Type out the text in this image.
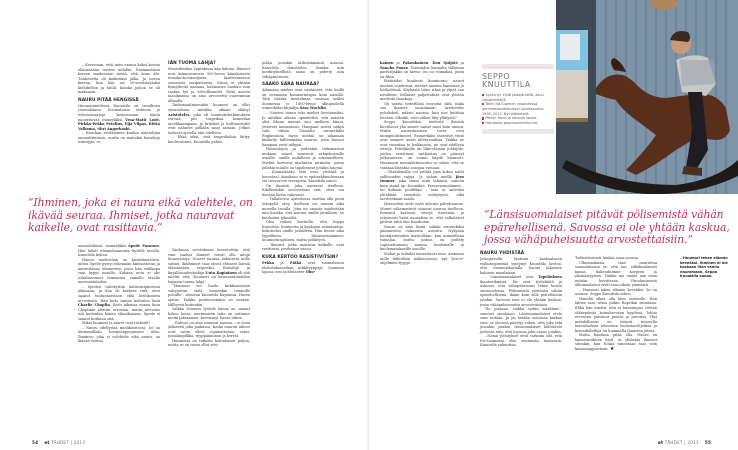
– Kerrotaan, että mies nauroi kaksi kertaa elämässään toisten nähden. Ensimmäisen kerran saadessaan tietää, että Aune Ala-Tuuhenelta oli katkennut jalka. Ja toisen kerran, kun hän sai 50-vuotislahjaksi kultakellon ja kuuli, kuinka paljon se oli maksanut.

NAURU PITÄÄ HENGISSÄ

Huumorimielessä Knuuttila on tavallinen suomalainen. Suomalaisia elokuvia ja televisiosarjoja katsoessaan häntä naurattavat esimerkiksi Vesa-Matti Loiri, Pirkka-Pekka Petelius, Eija Vilpas, Riitta Valkama, Siiri Angerkoski.

– Hauskan esittäminen kuuluu näyttelijän ammattitaitoon, mutta on muitakin hauskoja esiintyjiä, ei-

”Ihminen, joka ei naura eikä valehtele, on ikävää seuraa. Ihmiset, jotka nauravat kaikelle, ovat rasittavia.”

ammattilaisia, esimerkiksi Spede Pasanen. Hän latisti tilannehuumorin hyvällä tavalla, Knuuttila kehuu.

Hänen mielestään on käsittämätöntä, miten Spede pystyi tekemään kiinnostavan ja naurettavan tilanteesta, jossa hän valkkapa vain hyppi narulla. Kukaan muu ei olir uskaltautunut leimautua samalla tavalla naurunalaiseksi.

– Spedeä vähekyttiin kulttuuripiireissä aikanaan, ja hän oli katkera siitä, ettei saanut tuotannoistaan eikä kriitikoiden arvostusta. Hän koki saman kohtalon kuin Charlie Chaplin. Kesti aikansa ennen kuin Chaplinia alettiin arvostaa, mutta arvostus tuli kuitenkin hänen elinaikanaan. Spede ei saanut koskaan sitä.

Miksi huumori ja nauru ovat tärkeitä?

– Nauru edellyttää mielikuvitusta. Se on äärimmillään hengissäpysymisen ehto. Ihminen, joka ei valehtele eikä naura, on ikävää seuraa.

IÄN TUOMA LAHJA?

Museokeskus Vapriikissa käy kuhina. Ihmiset ovat kiinnostuneita 500-luvun kiinalaisesta terrakotta-armeijasta, lasivitriineissä seisovista savipatsaista. Niissä ei yhtään hymyilevää naamaa, hahmoista huokuu vain raskas työ ja velvollisuudet. Niitä asioita maailmassa on aina arvostettu suuremmin ulhaalla.

Taidemaailmassakin huumori on ollut sivuroolissa. Antiikin aikaan eläinyt Aristoteles, joka oli huumoriitutkimuksen esi-isiä, piti tragediaa komediaa arvokkaampana, ja kriitikot ja kulttuurivälit ovat nähneet pitkään asiat samoin. Jotkut tattavat ajatella niin edelleen.

– Ehkä siksi, että tragedioihin liittyy kuolevaisuus, Knuuttila pohtii.

Vanhassa estetiikassa korostettiin, että vain vanhat ihmiset voivat olla aitoja humoristeja. Nuoret nauraa hekotavat mille sattuu, ikäihmiset taas olivat ehtineet kärsiä elämässään tarpeeksi. Runoilija ja kirjallisuudentutkija Unto Kupiainen oli sitä mieltä, että ”huumori on harmaantuneiden hapsien tuoma lahja”.

”Huumori voi luoda kirkkaastavan valojuovan vielä tuonenkin tummille poluille”, siteeraa Knuuttila Kupiaista. Hassu ajatus. Paikko professorinkin on nauraa. Hilliyesti kuitenkin.

Vaikka Suomen työtelä kansa on saanut kokea kovia, nauramisen taito on auttanut meitä jaksamaan, kevensäyt kovaa arkea.

– Rahvas on aina osannut nauraa – ei tosin julkisesti joka paikassa, koska naurun aiheet ovat usein olleet sopimattomia: seksi, jumalanpilkka, ryyppääminen ja herrat.

Huumoria on tutkittu kohtalaisen paljon, mutta se on usein ollut sivu-

polku jossakin tärkeämmässä asiassa. Knuuttila ihmettelee, kuinka niin merkityksellistä asiaa on pidetty niin vähäpätöisenä.

SAAKO SARA NAURAA?

Aikanaan miehet ovat väittäneet, että heillä on enemmän huumorintajua kuin naisilla. Tätä väärää kuvitelmaa vastaan ärähti Suomessa jo 1800-luvun alkupuolella esimerkiksi kirjailija Sara Wacklin.

– Naisten nauru teki miehet levottomiksi. Jo antiikin aikana opastettiin, että naisten olisi fiksua nauraa suu melkein kiinni, jotteivät namentaisi. Hampaat saivat näkyä vain vähän. Toisaalta esimerkiksi Englannissa myös miehiä on aikanaan käsketty hillitsemään naurua, jotta huonot hampaat eivät näkyisi.

Havaintojen ja joidenkin tutkimusten mukaan naiset nauravat arkipäiväisille asioille, omille mokilleen ja sekemisilleen. Miehet kertovat mieluiten tarinoita, joissa jollekin muulle on tapahtunut jotakin hassua.

– Kannattaako tätä eroa yleistää ja korostaa? Ainakaan se ei epätarkkuudessaan vie tasa-arvoa eteenpäin, Knuuttila sanoo.

On ihmisiä, joka nauravat itselleen. Edellisenkin arvostetaan sitä, ettei ota itseään kovin vakavasti.

– Tällaisessa ajattelussa saattaa olla pieni tekopyhä sävy. Itselleen voi nauraa aika monella tavalla. Joku on omasta mielestään niin hauska, että nauraa omille jutuilleen. Se kuulostaa tyhmältä.

Olisi vaikea kuvitella, että Seppo Knuuttila, huumorin ja kaskujen asiantuntija, hekottelisi omille jutuilleen. Hän lienee aika tyypillinen länsisuomalainen: huumorintajuinen, mutta pidättyvä.

– Ihmiset, jotka nauravat kaikelle, ovat rasittavia, professori sanoo.

KUKA KERTOO RASISTIVITSIN?

Pekka ja Pätkä ovat suomalaisen elokuvakomedian arkkityyppejä. Samassa lajissa ovat kohtelaneet Ohu-

54 et TÄHDET | 2013

kainen ja Pakoukainen. Don Quijote ja Sancho Panza. Tarinoiden kannalta tällainen parivaljakko on hieno: iso on voimakas, pieni on fiksu.

Ristiriidat kuuluvat huumoriin: naiset miehen vaatteissa, miehet naisten hameissa ja hörhelöissä. Köyhästä tulee rikas ja ylpeä saa nenilleen. Sellaiset paljastukset ovat yleisön mielestä hauskoja.

On useita tieteellisiä teorioita siitä, mikä saa ihmiset nauramaan. Aristoteles pohdiskeli, miksei nauraa, kun itse kutittaa itseään. Siksikö, ettei siihen liity yllätystä?

Seppo Knuuttilan mielestä ihmisiä huvittavat yhä monet samat asiat kuin ennen. Mutta naurattamisen tavat ovat monipuolistuneet. Esimerkiksi rasistiset vitsit ovat saaneet uusia ulottuvuuksia. Vaikka ne ovat rasistisia ja loukkaavia, ne ovat edelleen vitsejä. Poliitikoille tai liike-elämän johtajille, joiden rasistinen suitkautus on päässyt julkisuuteen, on voinut käydä huonosti. Huumorin moniulotteisuutta on sekin, että se voidaan kääntää sanojaa vastaan.

– Vitsailemalla voi yrittää jopa kokoa näitä sallivuuden rajoja. Ja onhan meillä Jörn Donner, joka sanoo mitä tahansa, samoin kuin stand up -koomikot. Peruseuomalainen – tai kukaan poliitikko – taas ei anteeksi yhtäkään rasistista möläytystä, eikä tarvitsekaan saada.

Homovitsit eivät enää aiheuta paheksuntaa. Monet vähemmistöt osaavat nauraa itselleen. Romanit kertovat vitsejä itsestään, ja erityisesti heitä naurattaa se, että valkolaiset pitävät niitä niin hauskoina.

Nauru on aina läsnä, vaikka esimerkiksi päämiesten vakavista asioista. Nykyään hautajaisissakin muistellaan, kun muistellaan vainajaa, mutta joskus on pidetty sopimattomana nauraa kuolemalle ja kuolemavakaville asioille.

Mokat ja toilailut naurattavat aina. Aiemmin niille hihiteltiin mäkin-isossa, nyt Tosi-tv-ohjelmien tyyppi-

SEPPO KNUUTTILA
Syntynyt 1948 Jalasjärvellä, asuu Längelmäellä.
Toimi Itä-Suomen yliopistossa perinteentutkimuksen professorina 1995–2013. Nyt eläkkeellä.
Perhe: Anne ja aikuisia lapsia.
Harrastaa populaarikulttuuria.
”Länsisuomalaiset pitävät pölisemistä vähän epärehellisenä. Savossa ei ole yhtään kaskua, jossa vähäpuheisuutta arvostettaisiin.”
NAURU YHDISTÄÄ

Jalasjärvellä, läntisen kaskualueen vaikutuspiirissä syntynyt Knuuttila kertoo, että huumorikartalla Suomi jakautuu kahteen maailmaan.

– Länsisuomalaiset ovat Topeliuksen ihanteeihmisiä. He ovat työteliäitä ja uskovat, että vähäpuheisuus tekee heistä viisaanoloisia. Pölisemistä pidetään vähän epärehellisenä, ikään kuin sillä peiteltäisiin jotakin. Savossa taas ei ole yhtään kaskua, jossa vähäpuheisuutta arvostettaisiin.

”Ilo pintaan, vaikka sydän märkänis”, sanovat savolaiset. Länsisuomalaiset eivät sano mitään. Ja jos heidän suustaan karkaa vitsi, se yleensä päättyy siihen, että joku teki jossakin jotakin. Itäsuomalaiset hölöttävät juttunsa niin, että lopussa joku sanoo jotakin.

– Nämä yleistykset eivät tarkoita sitä, että Itä-Suomessa olisi enemmän huumoria, Knuuttila vakuuttaa.

Todistettavasti hänkin osaa nauraa.

Ulkomaalaisia taas naurattaa suomalaisissa se, että me, vähäkuulainen kansa, hakeudumme korpeen ja yksinäisyyteen. Vaikka me emme näe siinä mitään huvittavaa. Viinahuumoria ulkomaalaiset eivät taas oikein ymmärrä.

– Huumori tekee elämän keveäksi. Se on asenne, Seppo Knuuttila uskoo.

Hänellä alkaa olla kiire museolle. Hän lähtee taas siltaa pitkin Ruprikin suuntaan. Ehkä hän miettii, että ei hassumpaa viettää eläkepäivää keinuhevosen kyydissä, lohtia eteensen päivänsä pustat ja preeriat. Yksi mahdollisuus on tietysti tutjotella keinutuolista television haeustasohjelmia ja komedialeffoja tai kuunnella ihmisten juttua.

Mutta hauskaa pitää olla. Nauru on kansainvälinen kieli, se yhdistää ihmiset sitenkin, kun Nokia tunnetaan taas vain kumisaappaistaan. ★

– Huumori tekee elämän keveäksi. Ihminen ei ole koskaan liian vanha nauramaan, Seppo Knuuttila sanoo.
et TÄHDET | 2013 55
